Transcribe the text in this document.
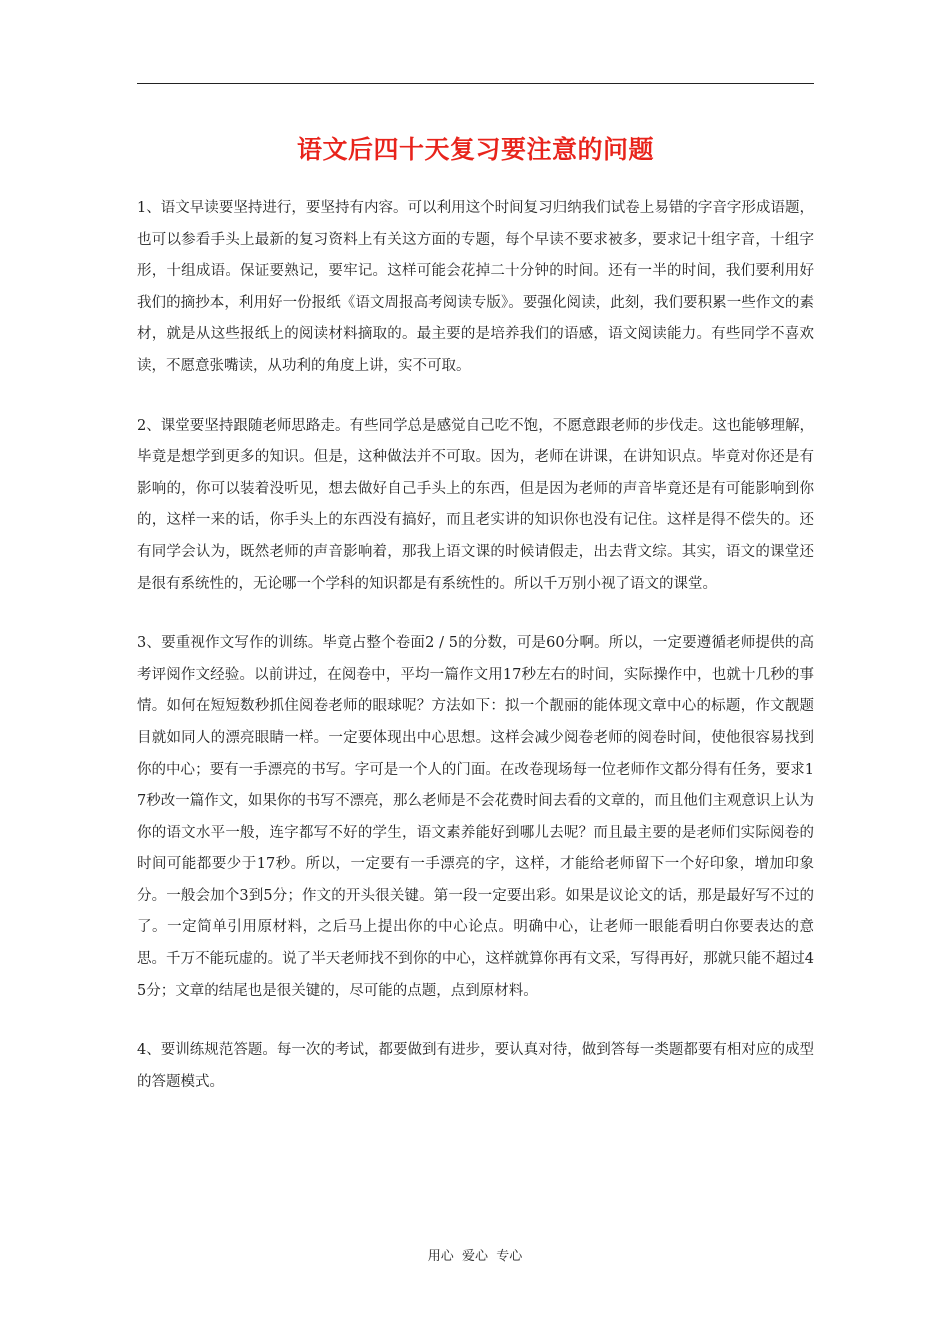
语文后四十天复习要注意的问题

1、语文早读要坚持进行，要坚持有内容。可以利用这个时间复习归纳我们试卷上易错的字音字形成语题，也可以参看手头上最新的复习资料上有关这方面的专题，每个早读不要求被多，要求记十组字音，十组字形，十组成语。保证要熟记，要牢记。这样可能会花掉二十分钟的时间。还有一半的时间，我们要利用好我们的摘抄本，利用好一份报纸《语文周报高考阅读专版》。要强化阅读，此刻，我们要积累一些作文的素材，就是从这些报纸上的阅读材料摘取的。最主要的是培养我们的语感，语文阅读能力。有些同学不喜欢读，不愿意张嘴读，从功利的角度上讲，实不可取。

2、课堂要坚持跟随老师思路走。有些同学总是感觉自己吃不饱，不愿意跟老师的步伐走。这也能够理解，毕竟是想学到更多的知识。但是，这种做法并不可取。因为，老师在讲课，在讲知识点。毕竟对你还是有影响的，你可以装着没听见，想去做好自己手头上的东西，但是因为老师的声音毕竟还是有可能影响到你的，这样一来的话，你手头上的东西没有搞好，而且老实讲的知识你也没有记住。这样是得不偿失的。还有同学会认为，既然老师的声音影响着，那我上语文课的时候请假走，出去背文综。其实，语文的课堂还是很有系统性的，无论哪一个学科的知识都是有系统性的。所以千万别小视了语文的课堂。

3、要重视作文写作的训练。毕竟占整个卷面2 / 5的分数，可是60分啊。所以，一定要遵循老师提供的高考评阅作文经验。以前讲过，在阅卷中，平均一篇作文用17秒左右的时间，实际操作中，也就十几秒的事情。如何在短短数秒抓住阅卷老师的眼球呢？方法如下：拟一个靓丽的能体现文章中心的标题，作文靓题目就如同人的漂亮眼睛一样。一定要体现出中心思想。这样会减少阅卷老师的阅卷时间，使他很容易找到你的中心；要有一手漂亮的书写。字可是一个人的门面。在改卷现场每一位老师作文都分得有任务，要求17秒改一篇作文，如果你的书写不漂亮，那么老师是不会花费时间去看的文章的，而且他们主观意识上认为你的语文水平一般，连字都写不好的学生，语文素养能好到哪儿去呢？而且最主要的是老师们实际阅卷的时间可能都要少于17秒。所以，一定要有一手漂亮的字，这样，才能给老师留下一个好印象，增加印象分。一般会加个3到5分；作文的开头很关键。第一段一定要出彩。如果是议论文的话，那是最好写不过的了。一定简单引用原材料，之后马上提出你的中心论点。明确中心，让老师一眼能看明白你要表达的意思。千万不能玩虚的。说了半天老师找不到你的中心，这样就算你再有文采，写得再好，那就只能不超过45分；文章的结尾也是很关键的，尽可能的点题，点到原材料。

4、要训练规范答题。每一次的考试，都要做到有进步，要认真对待，做到答每一类题都要有相对应的成型的答题模式。

用心  爱心  专心
